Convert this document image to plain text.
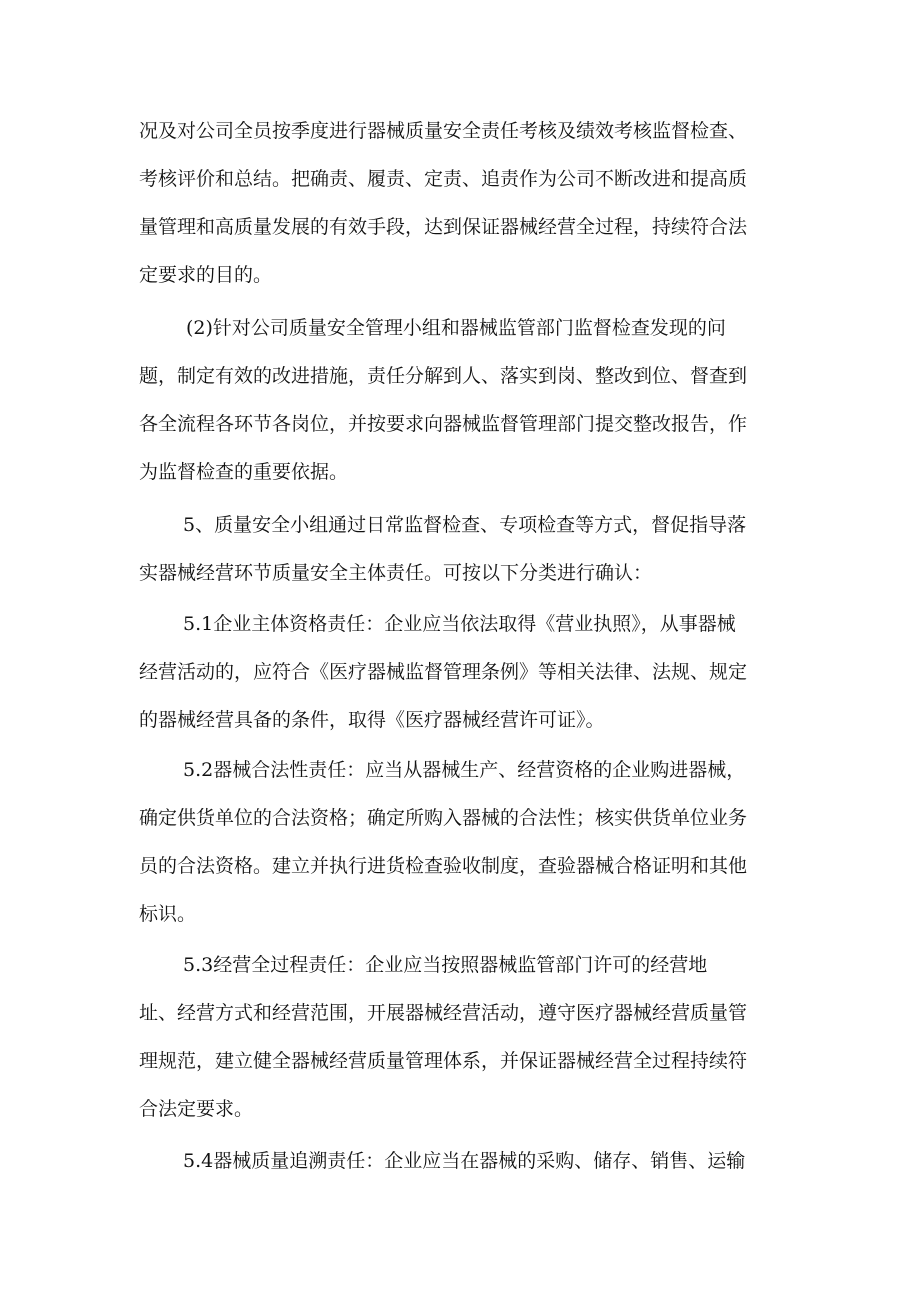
况及对公司全员按季度进行器械质量安全责任考核及绩效考核监督检查、

考核评价和总结。把确责、履责、定责、追责作为公司不断改进和提高质

量管理和高质量发展的有效手段，达到保证器械经营全过程，持续符合法

定要求的目的。

(2)针对公司质量安全管理小组和器械监管部门监督检查发现的问

题，制定有效的改进措施，责任分解到人、落实到岗、整改到位、督查到

各全流程各环节各岗位，并按要求向器械监督管理部门提交整改报告，作

为监督检查的重要依据。

5、质量安全小组通过日常监督检查、专项检查等方式，督促指导落

实器械经营环节质量安全主体责任。可按以下分类进行确认：

5.1企业主体资格责任：企业应当依法取得《营业执照》，从事器械

经营活动的，应符合《医疗器械监督管理条例》等相关法律、法规、规定

的器械经营具备的条件，取得《医疗器械经营许可证》。

5.2器械合法性责任：应当从器械生产、经营资格的企业购进器械，

确定供货单位的合法资格；确定所购入器械的合法性；核实供货单位业务

员的合法资格。建立并执行进货检查验收制度，查验器械合格证明和其他

标识。

5.3经营全过程责任：企业应当按照器械监管部门许可的经营地

址、经营方式和经营范围，开展器械经营活动，遵守医疗器械经营质量管

理规范，建立健全器械经营质量管理体系，并保证器械经营全过程持续符

合法定要求。

5.4器械质量追溯责任：企业应当在器械的采购、储存、销售、运输
